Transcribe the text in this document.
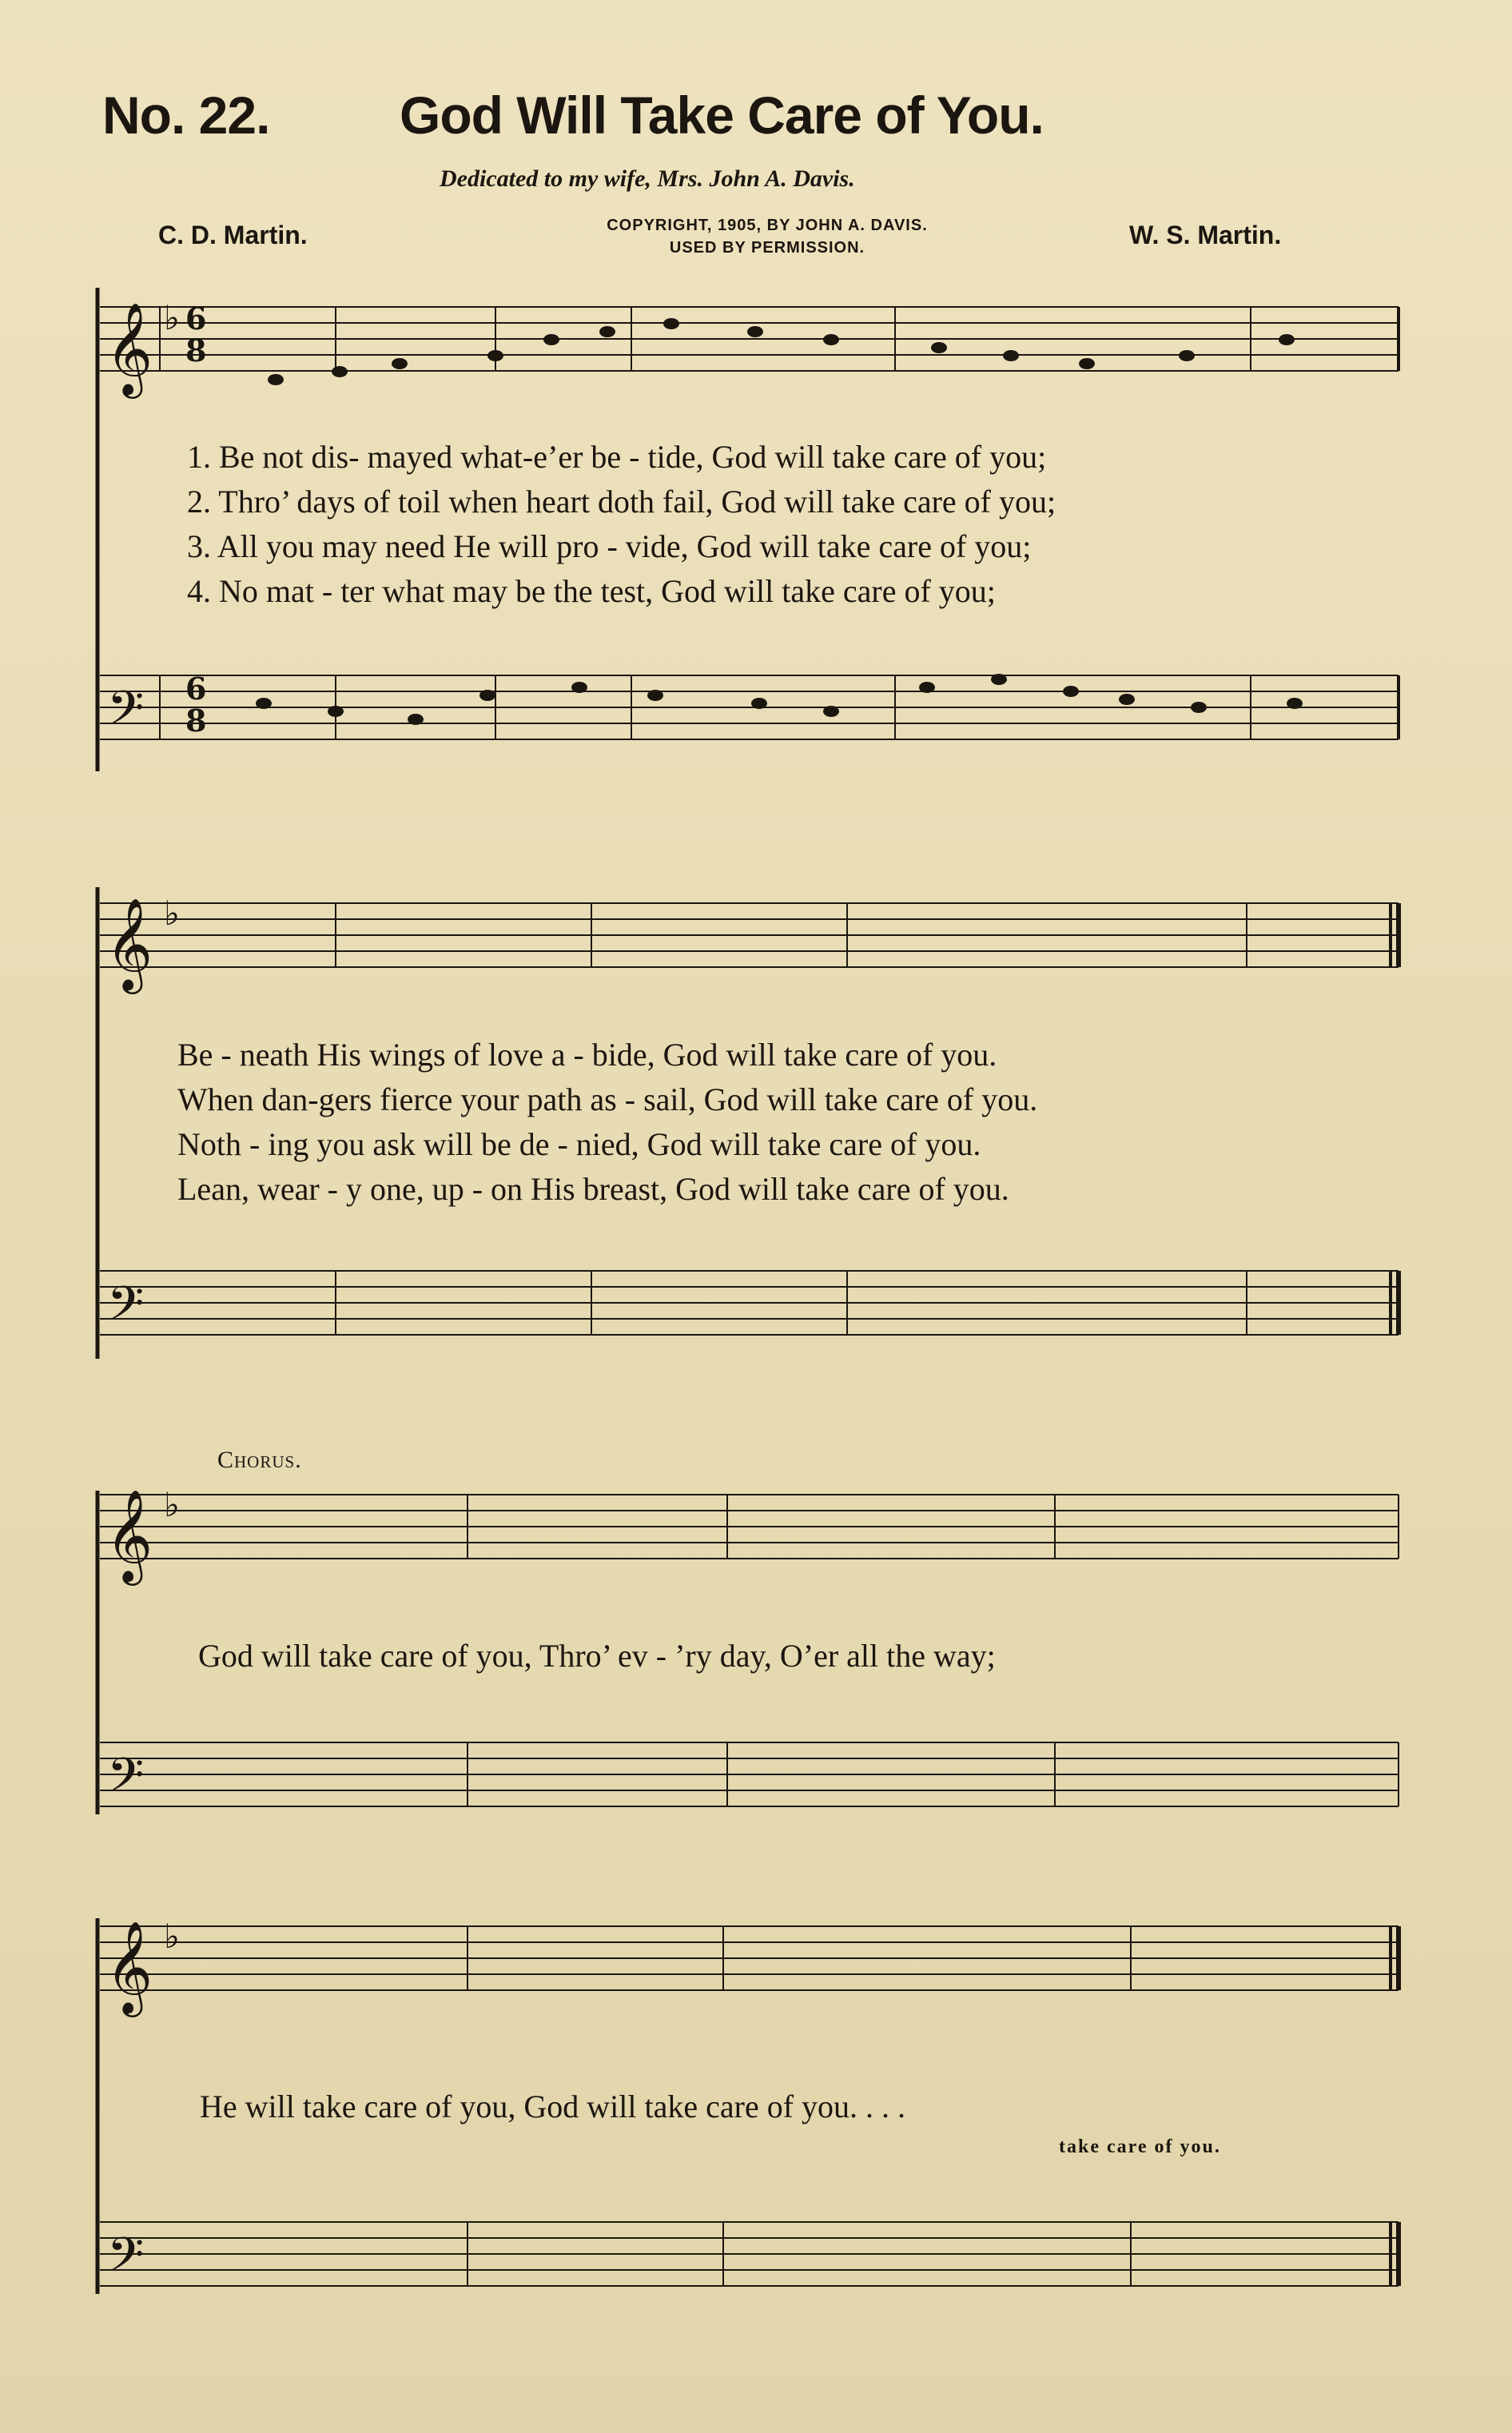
No. 22. God Will Take Care of You.
Dedicated to my wife, Mrs. John A. Davis.
C. D. Martin.	COPYRIGHT, 1905, BY JOHN A. DAVIS.
USED BY PERMISSION.	W. S. Martin.
𝄞
𝄞
𝄞
𝄞
𝄢
𝄢
𝄢
𝄢
♭
♭
♭
♭
6
8
6
8
1. Be not dis- mayed what-e’er be - tide, God will take care of you;
2. Thro’ days of toil when heart doth fail, God will take care of you;
3. All you may need He will pro - vide, God will take care of you;
4. No mat - ter what may be the test, God will take care of you;
Be - neath His wings of love a - bide, God will take care of you.
When dan-gers fierce your path as - sail, God will take care of you.
Noth - ing you ask will be de - nied, God will take care of you.
Lean, wear - y one, up - on His breast, God will take care of you.
Chorus.
God will take care of you, Thro’ ev - ’ry day, O’er all the way;
He will take care of you, God will take care of you. . . .
take care of you.
